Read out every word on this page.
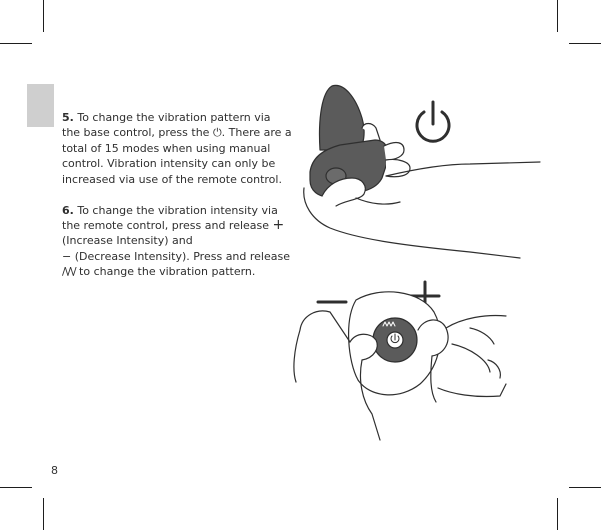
5. To change the vibration pattern via the base control, press the ⏻. There are a total of 15 modes when using manual control. Vibration intensity can only be increased via use of the remote control.

6. To change the vibration intensity via the remote control, press and release + (Increase Intensity) and
− (Decrease Intensity). Press and release /\/\/ to change the vibration pattern.

8
